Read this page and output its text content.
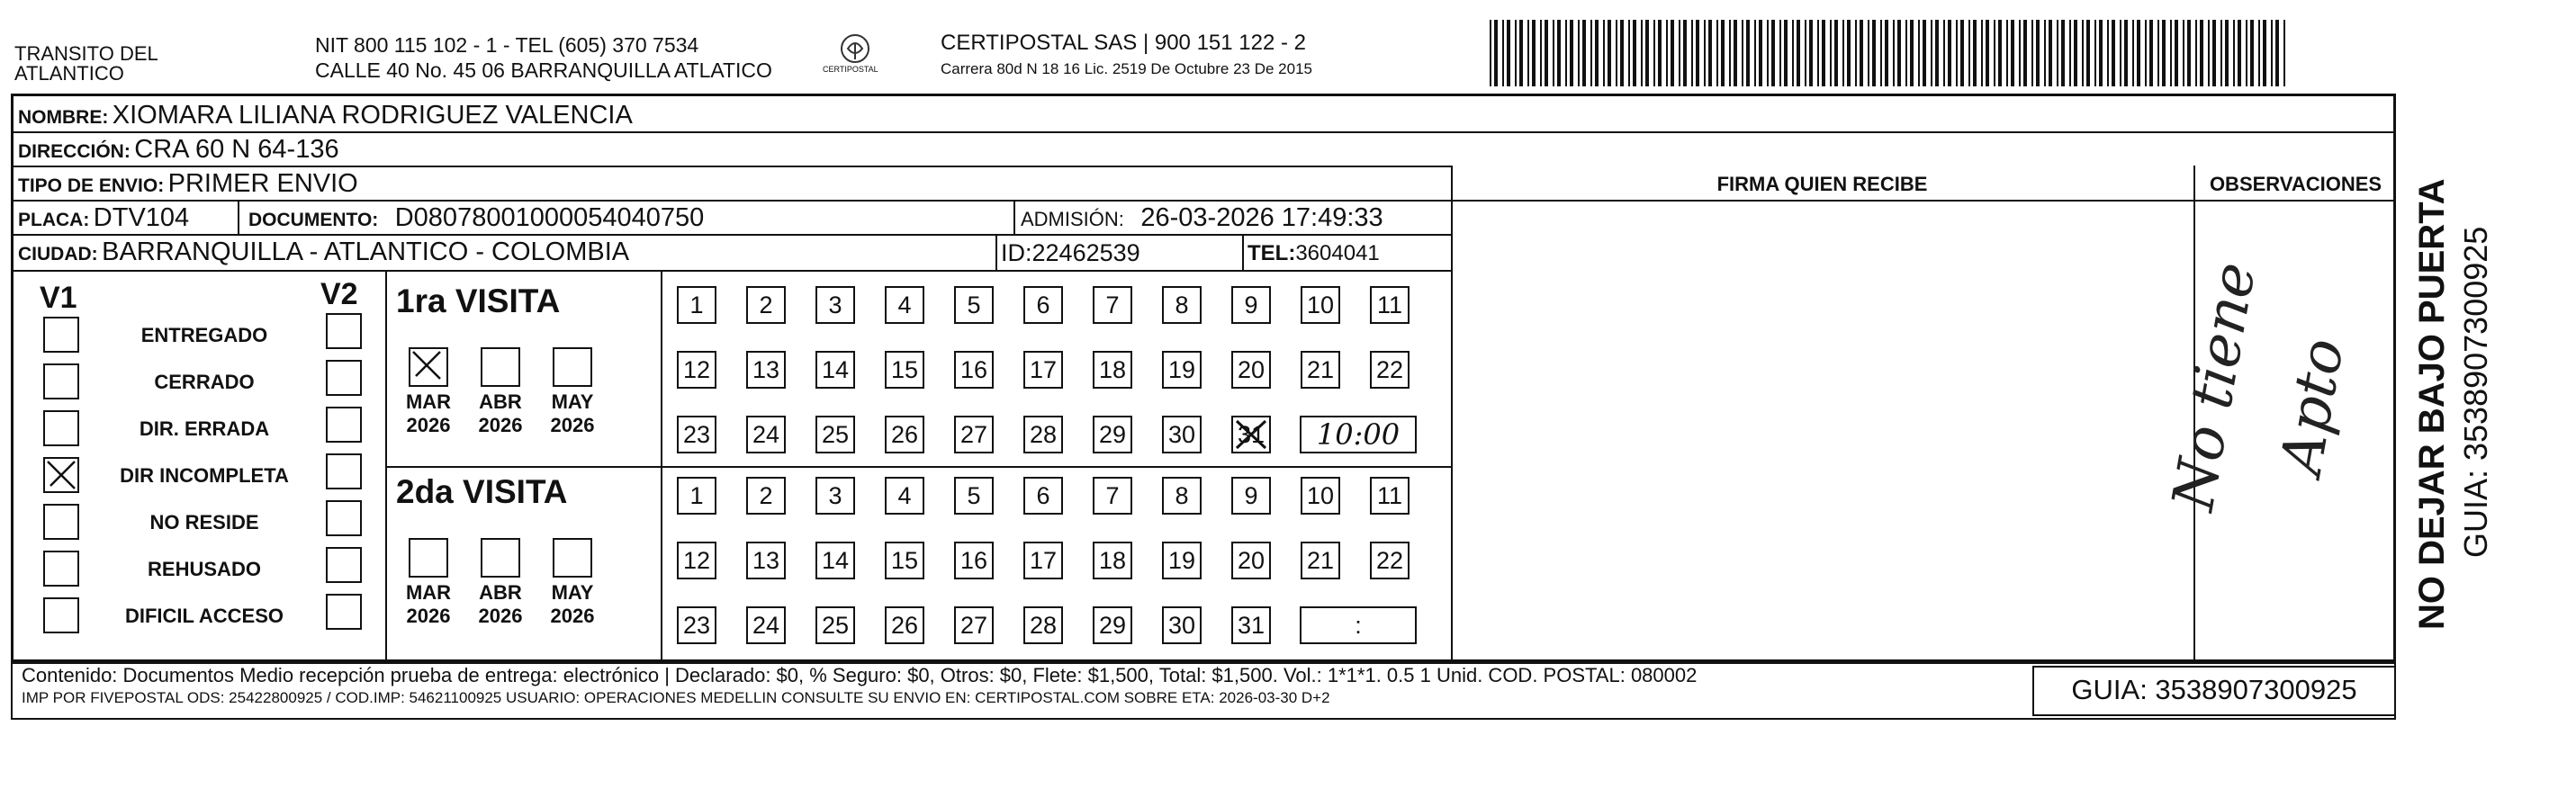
TRANSITO DEL
ATLANTICO
NIT 800 115 102 - 1 - TEL (605) 370 7534
CALLE 40 No. 45 06 BARRANQUILLA ATLATICO	CERTIPOSTAL
CERTIPOSTAL SAS | 900 151 122 - 2
Carrera 80d N 18 16 Lic. 2519 De Octubre 23 De 2015
NOMBRE: XIOMARA LILIANA RODRIGUEZ VALENCIA
DIRECCIÓN: CRA 60 N 64-136
TIPO DE ENVIO: PRIMER ENVIO	FIRMA QUIEN RECIBE	OBSERVACIONES
PLACA: DTV104	DOCUMENTO: D08078001000054040750	ADMISIÓN: 26-03-2026 17:49:33
CIUDAD: BARRANQUILLA - ATLANTICO - COLOMBIA	ID:22462539	TEL:3604041
V1	V2 1ra VISITA
2da VISITA	No tiene
Apto
Contenido: Documentos Medio recepción prueba de entrega: electrónico | Declarado: $0, % Seguro: $0, Otros: $0, Flete: $1,500, Total: $1,500. Vol.: 1*1*1. 0.5 1 Unid. COD. POSTAL: 080002
IMP POR FIVEPOSTAL ODS: 25422800925 / COD.IMP: 54621100925 USUARIO: OPERACIONES MEDELLIN CONSULTE SU ENVIO EN: CERTIPOSTAL.COM SOBRE ETA: 2026-03-30 D+2	GUIA: 3538907300925
NO DEJAR BAJO PUERTA GUIA: 3538907300925
ENTREGADO
CERRADO
DIR. ERRADA
DIR INCOMPLETA
NO RESIDE
REHUSADO
DIFICIL ACCESO
MAR
2026
ABR
2026
MAY
2026
MAR
2026
ABR
2026
MAY
2026
1	2	3	4	5	6	7	8	9	10 11
12 13 14 15 16 17 18 19 20 21 22
23 24 25 26 27 28 29 30 31	10:00
1	2	3	4	5	6	7	8	9	10 11
12 13 14 15 16 17 18 19 20 21 22
23 24 25 26 27 28 29 30 31	:
